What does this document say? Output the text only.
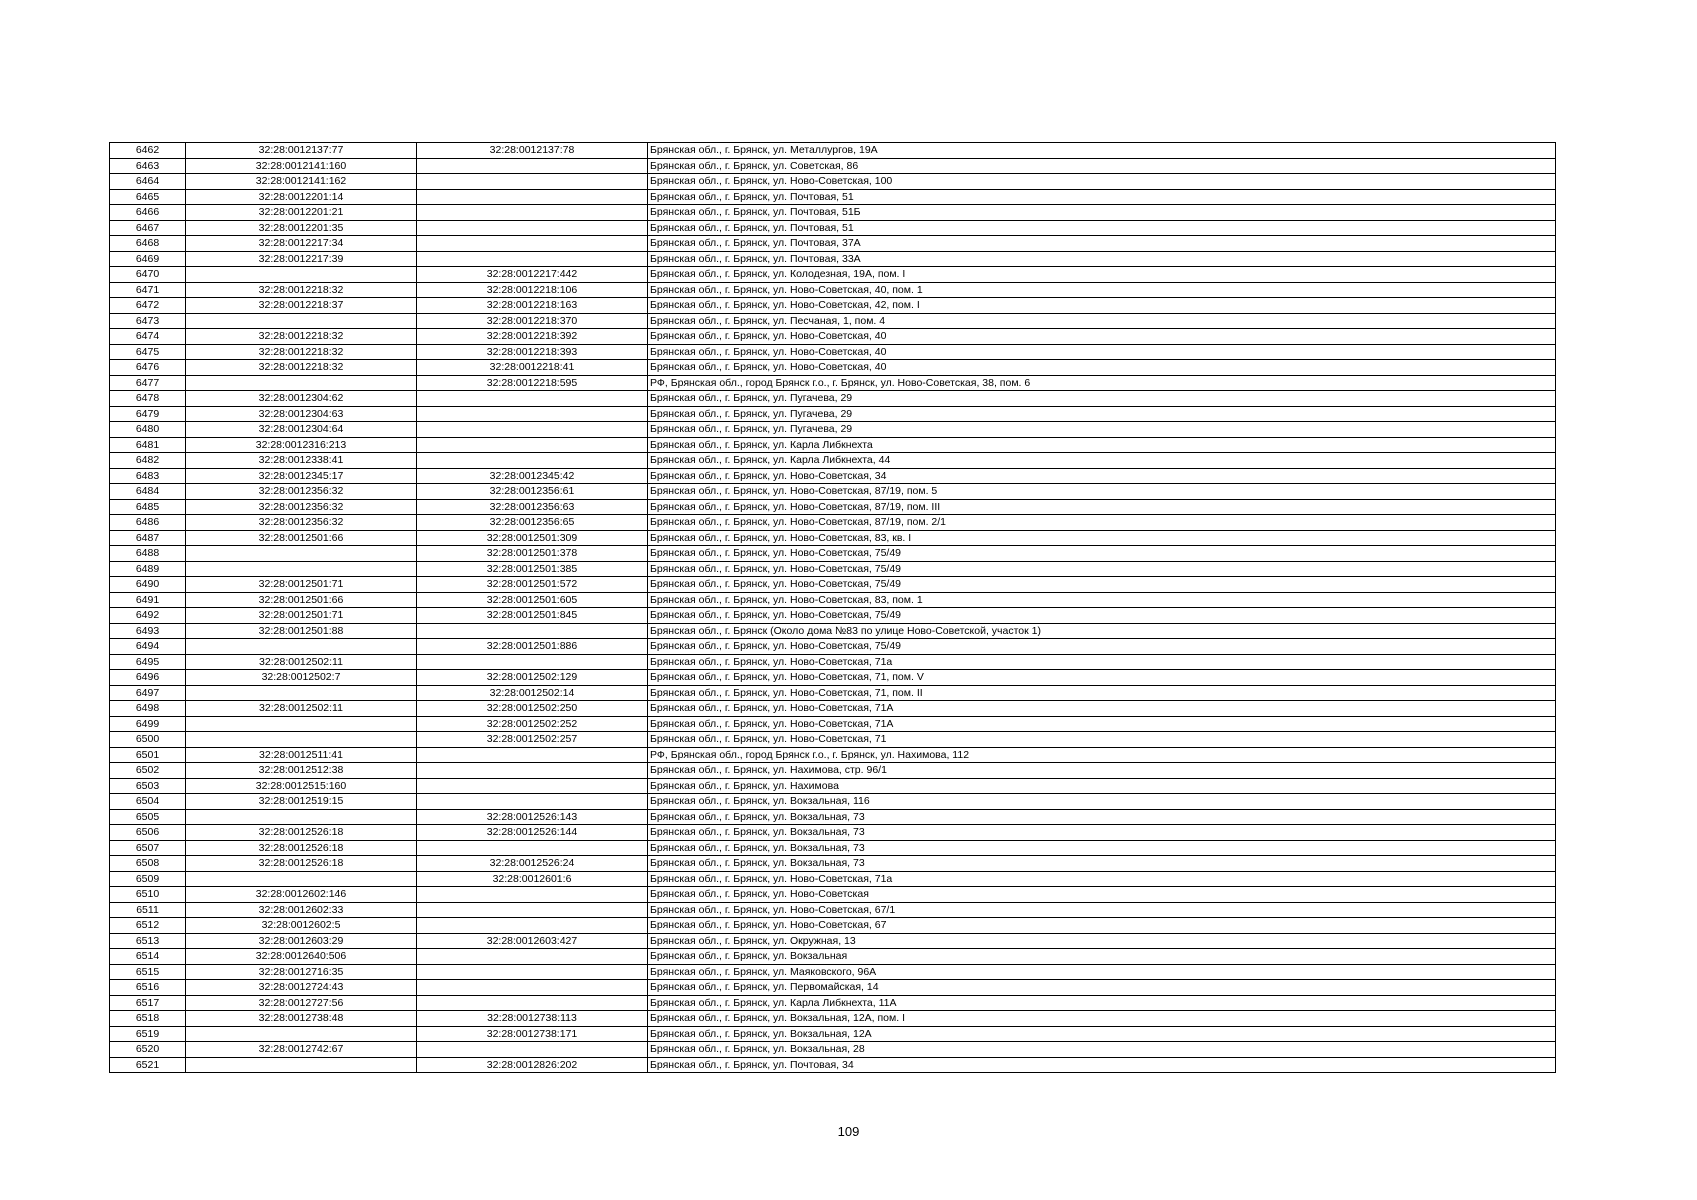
6462	32:28:0012137:77	32:28:0012137:78	Брянская обл., г. Брянск, ул. Металлургов, 19А
6463	32:28:0012141:160		Брянская обл., г. Брянск, ул. Советская, 86
6464	32:28:0012141:162		Брянская обл., г. Брянск, ул. Ново-Советская, 100
6465	32:28:0012201:14		Брянская обл., г. Брянск, ул. Почтовая, 51
6466	32:28:0012201:21		Брянская обл., г. Брянск, ул. Почтовая, 51Б
6467	32:28:0012201:35		Брянская обл., г. Брянск, ул. Почтовая, 51
6468	32:28:0012217:34		Брянская обл., г. Брянск, ул. Почтовая, 37А
6469	32:28:0012217:39		Брянская обл., г. Брянск, ул. Почтовая, 33А
6470		32:28:0012217:442	Брянская обл., г. Брянск, ул. Колодезная, 19А, пом. I
6471	32:28:0012218:32	32:28:0012218:106	Брянская обл., г. Брянск, ул. Ново-Советская, 40, пом. 1
6472	32:28:0012218:37	32:28:0012218:163	Брянская обл., г. Брянск, ул. Ново-Советская, 42, пом. I
6473		32:28:0012218:370	Брянская обл., г. Брянск, ул. Песчаная, 1, пом. 4
6474	32:28:0012218:32	32:28:0012218:392	Брянская обл., г. Брянск, ул. Ново-Советская, 40
6475	32:28:0012218:32	32:28:0012218:393	Брянская обл., г. Брянск, ул. Ново-Советская, 40
6476	32:28:0012218:32	32:28:0012218:41	Брянская обл., г. Брянск, ул. Ново-Советская, 40
6477		32:28:0012218:595	РФ, Брянская обл., город Брянск г.о., г. Брянск, ул. Ново-Советская, 38, пом. 6
6478	32:28:0012304:62		Брянская обл., г. Брянск, ул. Пугачева, 29
6479	32:28:0012304:63		Брянская обл., г. Брянск, ул. Пугачева, 29
6480	32:28:0012304:64		Брянская обл., г. Брянск, ул. Пугачева, 29
6481	32:28:0012316:213		Брянская обл., г. Брянск, ул. Карла Либкнехта
6482	32:28:0012338:41		Брянская обл., г. Брянск, ул. Карла Либкнехта, 44
6483	32:28:0012345:17	32:28:0012345:42	Брянская обл., г. Брянск, ул. Ново-Советская, 34
6484	32:28:0012356:32	32:28:0012356:61	Брянская обл., г. Брянск, ул. Ново-Советская, 87/19, пом. 5
6485	32:28:0012356:32	32:28:0012356:63	Брянская обл., г. Брянск, ул. Ново-Советская, 87/19, пом. III
6486	32:28:0012356:32	32:28:0012356:65	Брянская обл., г. Брянск, ул. Ново-Советская, 87/19, пом. 2/1
6487	32:28:0012501:66	32:28:0012501:309	Брянская обл., г. Брянск, ул. Ново-Советская, 83, кв. I
6488		32:28:0012501:378	Брянская обл., г. Брянск, ул. Ново-Советская, 75/49
6489		32:28:0012501:385	Брянская обл., г. Брянск, ул. Ново-Советская, 75/49
6490	32:28:0012501:71	32:28:0012501:572	Брянская обл., г. Брянск, ул. Ново-Советская, 75/49
6491	32:28:0012501:66	32:28:0012501:605	Брянская обл., г. Брянск, ул. Ново-Советская, 83, пом. 1
6492	32:28:0012501:71	32:28:0012501:845	Брянская обл., г. Брянск, ул. Ново-Советская, 75/49
6493	32:28:0012501:88		Брянская обл., г. Брянск (Около дома №83 по улице Ново-Советской, участок 1)
6494		32:28:0012501:886	Брянская обл., г. Брянск, ул. Ново-Советская, 75/49
6495	32:28:0012502:11		Брянская обл., г. Брянск, ул. Ново-Советская, 71а
6496	32:28:0012502:7	32:28:0012502:129	Брянская обл., г. Брянск, ул. Ново-Советская, 71, пом. V
6497		32:28:0012502:14	Брянская обл., г. Брянск, ул. Ново-Советская, 71, пом. II
6498	32:28:0012502:11	32:28:0012502:250	Брянская обл., г. Брянск, ул. Ново-Советская, 71А
6499		32:28:0012502:252	Брянская обл., г. Брянск, ул. Ново-Советская, 71А
6500		32:28:0012502:257	Брянская обл., г. Брянск, ул. Ново-Советская, 71
6501	32:28:0012511:41		РФ, Брянская обл., город Брянск г.о., г. Брянск, ул. Нахимова, 112
6502	32:28:0012512:38		Брянская обл., г. Брянск, ул. Нахимова, стр. 96/1
6503	32:28:0012515:160		Брянская обл., г. Брянск, ул. Нахимова
6504	32:28:0012519:15		Брянская обл., г. Брянск, ул. Вокзальная, 116
6505		32:28:0012526:143	Брянская обл., г. Брянск, ул. Вокзальная, 73
6506	32:28:0012526:18	32:28:0012526:144	Брянская обл., г. Брянск, ул. Вокзальная, 73
6507	32:28:0012526:18		Брянская обл., г. Брянск, ул. Вокзальная, 73
6508	32:28:0012526:18	32:28:0012526:24	Брянская обл., г. Брянск, ул. Вокзальная, 73
6509		32:28:0012601:6	Брянская обл., г. Брянск, ул. Ново-Советская, 71а
6510	32:28:0012602:146		Брянская обл., г. Брянск, ул. Ново-Советская
6511	32:28:0012602:33		Брянская обл., г. Брянск, ул. Ново-Советская, 67/1
6512	32:28:0012602:5		Брянская обл., г. Брянск, ул. Ново-Советская, 67
6513	32:28:0012603:29	32:28:0012603:427	Брянская обл., г. Брянск, ул. Окружная, 13
6514	32:28:0012640:506		Брянская обл., г. Брянск, ул. Вокзальная
6515	32:28:0012716:35		Брянская обл., г. Брянск, ул. Маяковского, 96А
6516	32:28:0012724:43		Брянская обл., г. Брянск, ул. Первомайская, 14
6517	32:28:0012727:56		Брянская обл., г. Брянск, ул. Карла Либкнехта, 11А
6518	32:28:0012738:48	32:28:0012738:113	Брянская обл., г. Брянск, ул. Вокзальная, 12А, пом. I
6519		32:28:0012738:171	Брянская обл., г. Брянск, ул. Вокзальная, 12А
6520	32:28:0012742:67		Брянская обл., г. Брянск, ул. Вокзальная, 28
6521		32:28:0012826:202	Брянская обл., г. Брянск, ул. Почтовая, 34
109
